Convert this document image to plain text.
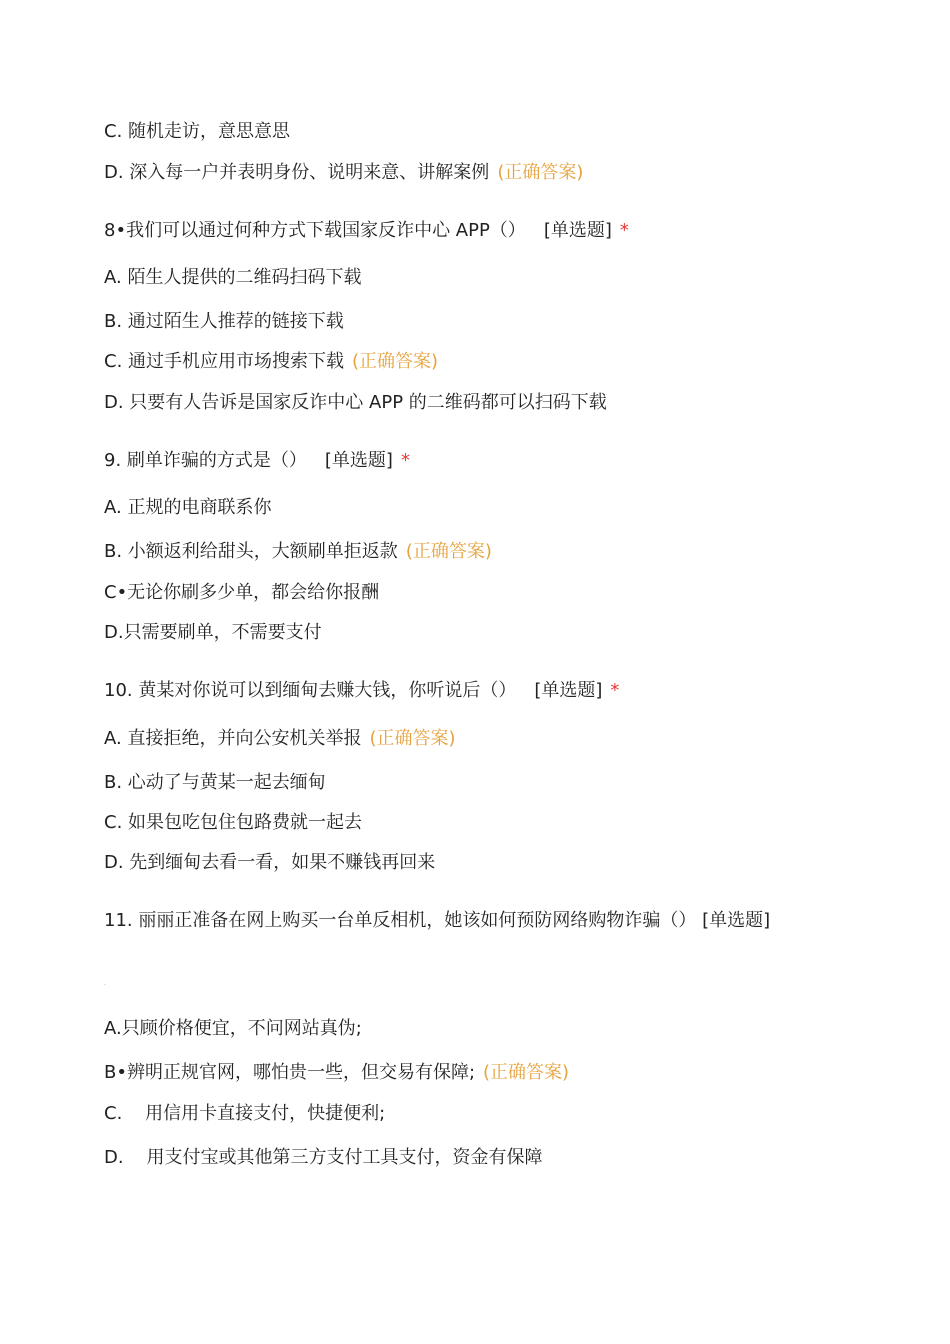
C. 随机走访，意思意思
D. 深入每一户并表明身份、说明来意、讲解案例 (正确答案)
8•我们可以通过何种方式下载国家反诈中心 APP（） [单选题] *
A. 陌生人提供的二维码扫码下载
B. 通过陌生人推荐的链接下载
C. 通过手机应用市场搜索下载 (正确答案)
D. 只要有人告诉是国家反诈中心 APP 的二维码都可以扫码下载
9. 刷单诈骗的方式是（） [单选题] *
A. 正规的电商联系你
B. 小额返利给甜头，大额刷单拒返款 (正确答案)
C•无论你刷多少单，都会给你报酬
D.只需要刷单，不需要支付
10. 黄某对你说可以到缅甸去赚大钱，你听说后（） [单选题] *
A. 直接拒绝，并向公安机关举报 (正确答案)
B. 心动了与黄某一起去缅甸
C. 如果包吃包住包路费就一起去
D. 先到缅甸去看一看，如果不赚钱再回来
11. 丽丽正准备在网上购买一台单反相机，她该如何预防网络购物诈骗（） [单选题]
·
A.只顾价格便宜，不问网站真伪;
B•辨明正规官网，哪怕贵一些，但交易有保障; (正确答案)
C.    用信用卡直接支付，快捷便利;
D.    用支付宝或其他第三方支付工具支付，资金有保障
